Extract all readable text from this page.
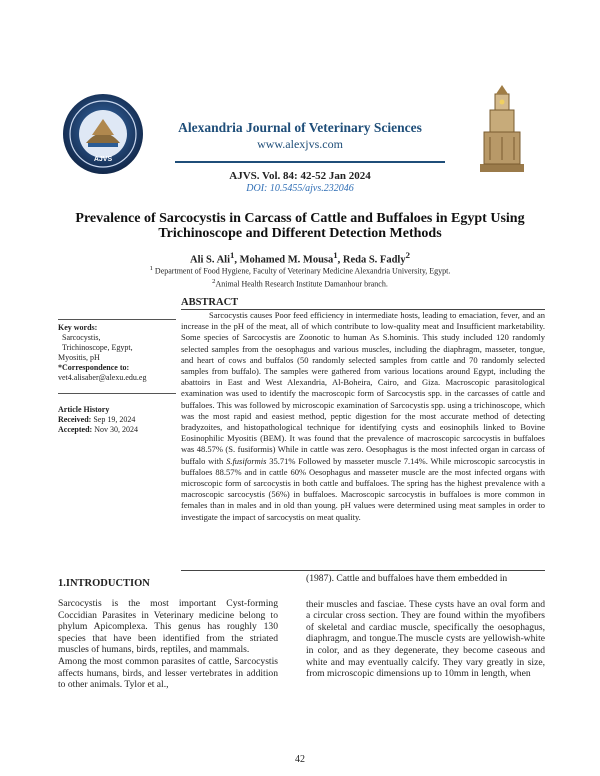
AJVS
Alexandria Journal of Veterinary Sciences
www.alexjvs.com
AJVS. Vol. 84: 42-52 Jan 2024
DOI: 10.5455/ajvs.232046
Prevalence of Sarcocystis in Carcass of Cattle and Buffaloes in Egypt Using
Trichinoscope and Different Detection Methods
Ali S. Ali$^1$, Mohamed M. Mousa$^1$, Reda S. Fadly$^2$
$^1$ Department of Food Hygiene, Faculty of Veterinary Medicine Alexandria University, Egypt.
$^2$Animal Health Research Institute Damanhour branch.
ABSTRACT
Key words:
Sarcocystis,
Trichinoscope, Egypt,
Myositis, pH
*Correspondence to:
vet4.alisaber@alexu.edu.eg
Article History
Received: Sep 19, 2024
Accepted: Nov 30, 2024
Sarcocystis causes Poor feed efficiency in intermediate hosts, leading to emaciation, fever, and an increase in the pH of the meat, all of which contribute to low-quality meat and Insufficient marketability. Some species of Sarcocystis are Zoonotic to human As S.hominis. This study included 120 randomly selected samples from the oesophagus and various muscles, including the diaphragm, masseter, tongue, and heart of cows and buffalos (50 randomly selected samples from cattle and 70 randomly selected samples from buffalo). The samples were gathered from various locations around Egypt, including the abattoirs in East and West Alexandria, Al-Boheira, Cairo, and Giza. Macroscopic parasitological examination was used to identify the macroscopic form of Sarcocystis spp. in the carcasses of cattle and buffaloes. This was followed by microscopic examination of Sarcocystis spp. using a trichinoscope, which was the most rapid and easiest method, peptic digestion for the most accurate method of detecting bradyzoites, and histopathological technique for identifying cysts and eosinophils linked to Bovine Eosinophilic Myositis (BEM). It was found that the prevalence of macroscopic sarcocystis in buffaloes was 48.57% (S. fusiformis) While in cattle was zero. Oesophagus is the most infected organ in carcass of buffalo with S.fusiformis 35.71% Followed by masseter muscle 7.14%. While microscopic sarcocystis in buffaloes 88.57% and in cattle 60% Oesophagus and masseter muscle are the most infected organs with microscopic form of sarcocystis in both cattle and buffaloes. The spring has the highest prevalence with a macroscopic sarcocystis (56%) in buffaloes. Macroscopic sarcocystis in buffaloes is more common in females than in males and in old than young. pH values were determined using meat samples in order to investigate the impact of sarcocystis on meat quality.
1.INTRODUCTION
Sarcocystis is the most important Cyst-forming Coccidian Parasites in Veterinary medicine belong to phylum Apicomplexa. This genus has roughly 130 species that have been identified from the striated muscles of humans, birds, reptiles, and mammals.
Among the most common parasites of cattle, Sarcocystis affects humans, birds, and lesser vertebrates in addition to other animals. Tylor et al.,
(1987). Cattle and buffaloes have them embedded in
their muscles and fasciae. These cysts have an oval form and a circular cross section. They are found within the myofibers of skeletal and cardiac muscle, specifically the oesophagus, diaphragm, and tongue.The muscle cysts are yellowish-white in color, and as they degenerate, they become caseous and white and may eventually calcify. They vary greatly in size, from microscopic dimensions up to 10mm in length, when
42
